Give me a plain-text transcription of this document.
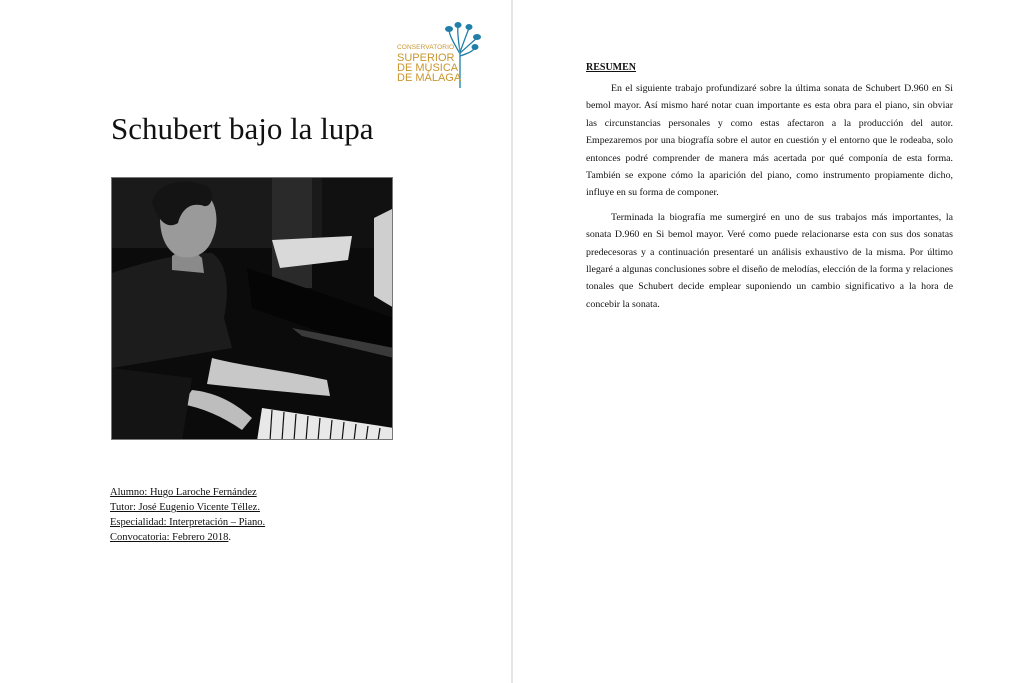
CONSERVATORIO
SUPERIOR
DE MÚSICA
DE MÁLAGA
Schubert bajo la lupa
Alumno: Hugo Laroche Fernández
Tutor: José Eugenio Vicente Téllez.
Especialidad: Interpretación – Piano.
Convocatoria: Febrero 2018.
RESUMEN

En el siguiente trabajo profundizaré sobre la última sonata de Schubert D.960 en Si bemol mayor. Así mismo haré notar cuan importante es esta obra para el piano, sin obviar las circunstancias personales y como estas afectaron a la producción del autor. Empezaremos por una biografía sobre el autor en cuestión y el entorno que le rodeaba, solo entonces podré comprender de manera más acertada por qué componía de esta forma. También se expone cómo la aparición del piano, como instrumento propiamente dicho, influye en su forma de componer.

Terminada la biografía me sumergiré en uno de sus trabajos más importantes, la sonata D.960 en Si bemol mayor. Veré como puede relacionarse esta con sus dos sonatas predecesoras y a continuación presentaré un análisis exhaustivo de la misma. Por último llegaré a algunas conclusiones sobre el diseño de melodías, elección de la forma y relaciones tonales que Schubert decide emplear suponiendo un cambio significativo a la hora de concebir la sonata.
